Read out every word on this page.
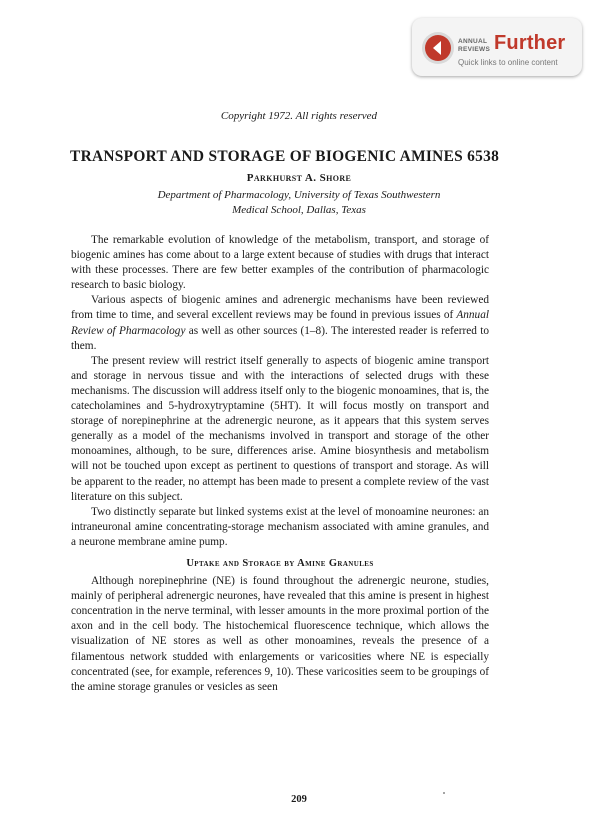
ANNUAL
REVIEWS Further
Quick links to online content
Copyright 1972. All rights reserved
TRANSPORT AND STORAGE OF BIOGENIC AMINES 6538
Parkhurst A. Shore
Department of Pharmacology, University of Texas Southwestern
Medical School, Dallas, Texas

The remarkable evolution of knowledge of the metabolism, transport, and storage of biogenic amines has come about to a large extent because of studies with drugs that interact with these processes. There are few better examples of the contribution of pharmacologic research to basic biology.

Various aspects of biogenic amines and adrenergic mechanisms have been reviewed from time to time, and several excellent reviews may be found in previous issues of Annual Review of Pharmacology as well as other sources (1–8). The interested reader is referred to them.

The present review will restrict itself generally to aspects of biogenic amine transport and storage in nervous tissue and with the interactions of selected drugs with these mechanisms. The discussion will address itself only to the biogenic monoamines, that is, the catecholamines and 5-hydroxytryptamine (5HT). It will focus mostly on transport and storage of norepinephrine at the adrenergic neurone, as it appears that this system serves generally as a model of the mechanisms involved in transport and storage of the other monoamines, although, to be sure, differences arise. Amine biosynthesis and metabolism will not be touched upon except as pertinent to questions of transport and storage. As will be apparent to the reader, no attempt has been made to present a complete review of the vast literature on this subject.

Two distinctly separate but linked systems exist at the level of monoamine neurones: an intraneuronal amine concentrating-storage mechanism associated with amine granules, and a neurone membrane amine pump.

Uptake and Storage by Amine Granules

Although norepinephrine (NE) is found throughout the adrenergic neurone, studies, mainly of peripheral adrenergic neurones, have revealed that this amine is present in highest concentration in the nerve terminal, with lesser amounts in the more proximal portion of the axon and in the cell body. The histochemical fluorescence technique, which allows the visualization of NE stores as well as other monoamines, reveals the presence of a filamentous network studded with enlargements or varicosities where NE is especially concentrated (see, for example, references 9, 10). These varicosities seem to be groupings of the amine storage granules or vesicles as seen

209
